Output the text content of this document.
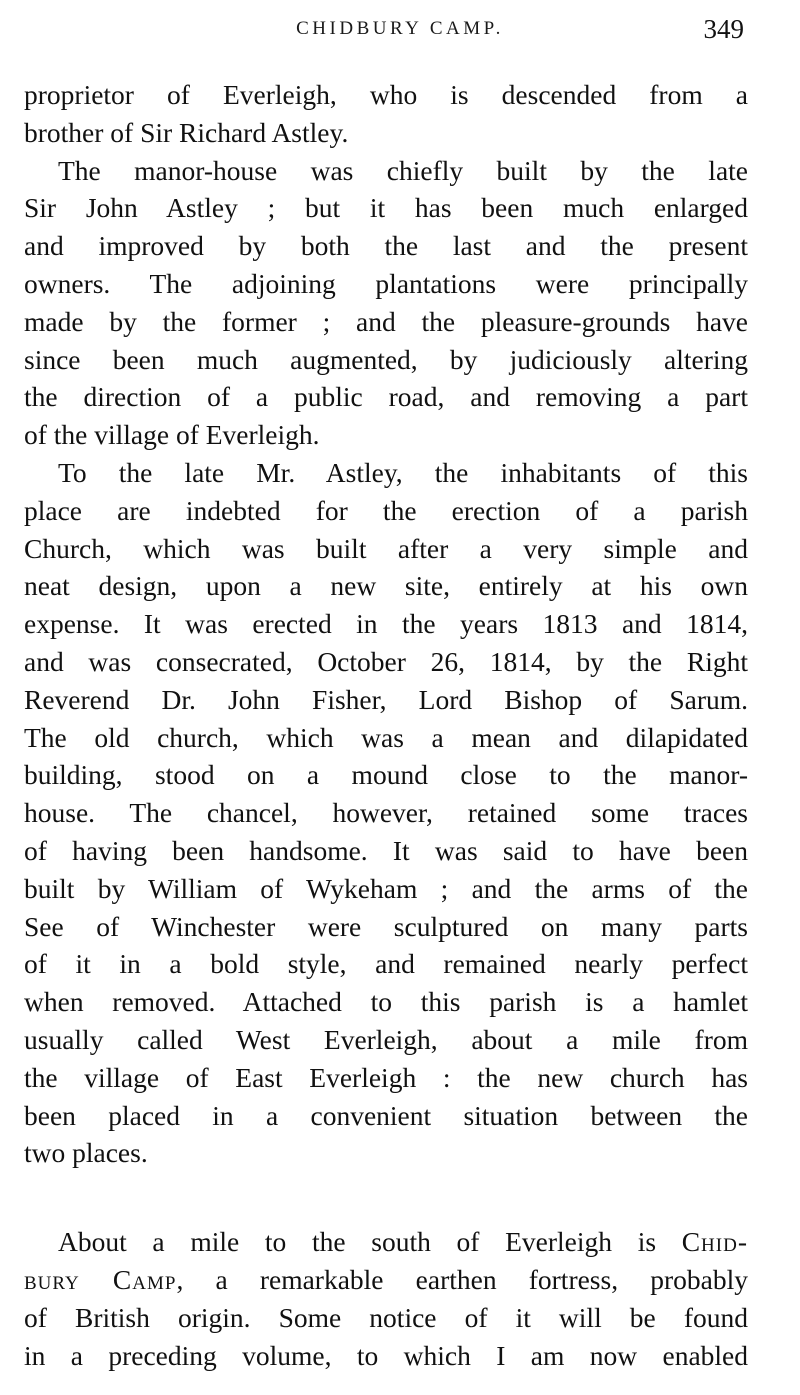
CHIDBURY CAMP.	349
proprietor of Everleigh, who is descended from a
brother of Sir Richard Astley.
The manor-house was chiefly built by the late
Sir John Astley ; but it has been much enlarged
and improved by both the last and the present
owners. The adjoining plantations were principally
made by the former ; and the pleasure-grounds have
since been much augmented, by judiciously altering
the direction of a public road, and removing a part
of the village of Everleigh.
To the late Mr. Astley, the inhabitants of this
place are indebted for the erection of a parish
Church, which was built after a very simple and
neat design, upon a new site, entirely at his own
expense. It was erected in the years 1813 and 1814,
and was consecrated, October 26, 1814, by the Right
Reverend Dr. John Fisher, Lord Bishop of Sarum.
The old church, which was a mean and dilapidated
building, stood on a mound close to the manor-
house. The chancel, however, retained some traces
of having been handsome. It was said to have been
built by William of Wykeham ; and the arms of the
See of Winchester were sculptured on many parts
of it in a bold style, and remained nearly perfect
when removed. Attached to this parish is a hamlet
usually called West Everleigh, about a mile from
the village of East Everleigh : the new church has
been placed in a convenient situation between the
two places.
About a mile to the south of Everleigh is Chid-
bury Camp, a remarkable earthen fortress, probably
of British origin. Some notice of it will be found
in a preceding volume, to which I am now enabled
